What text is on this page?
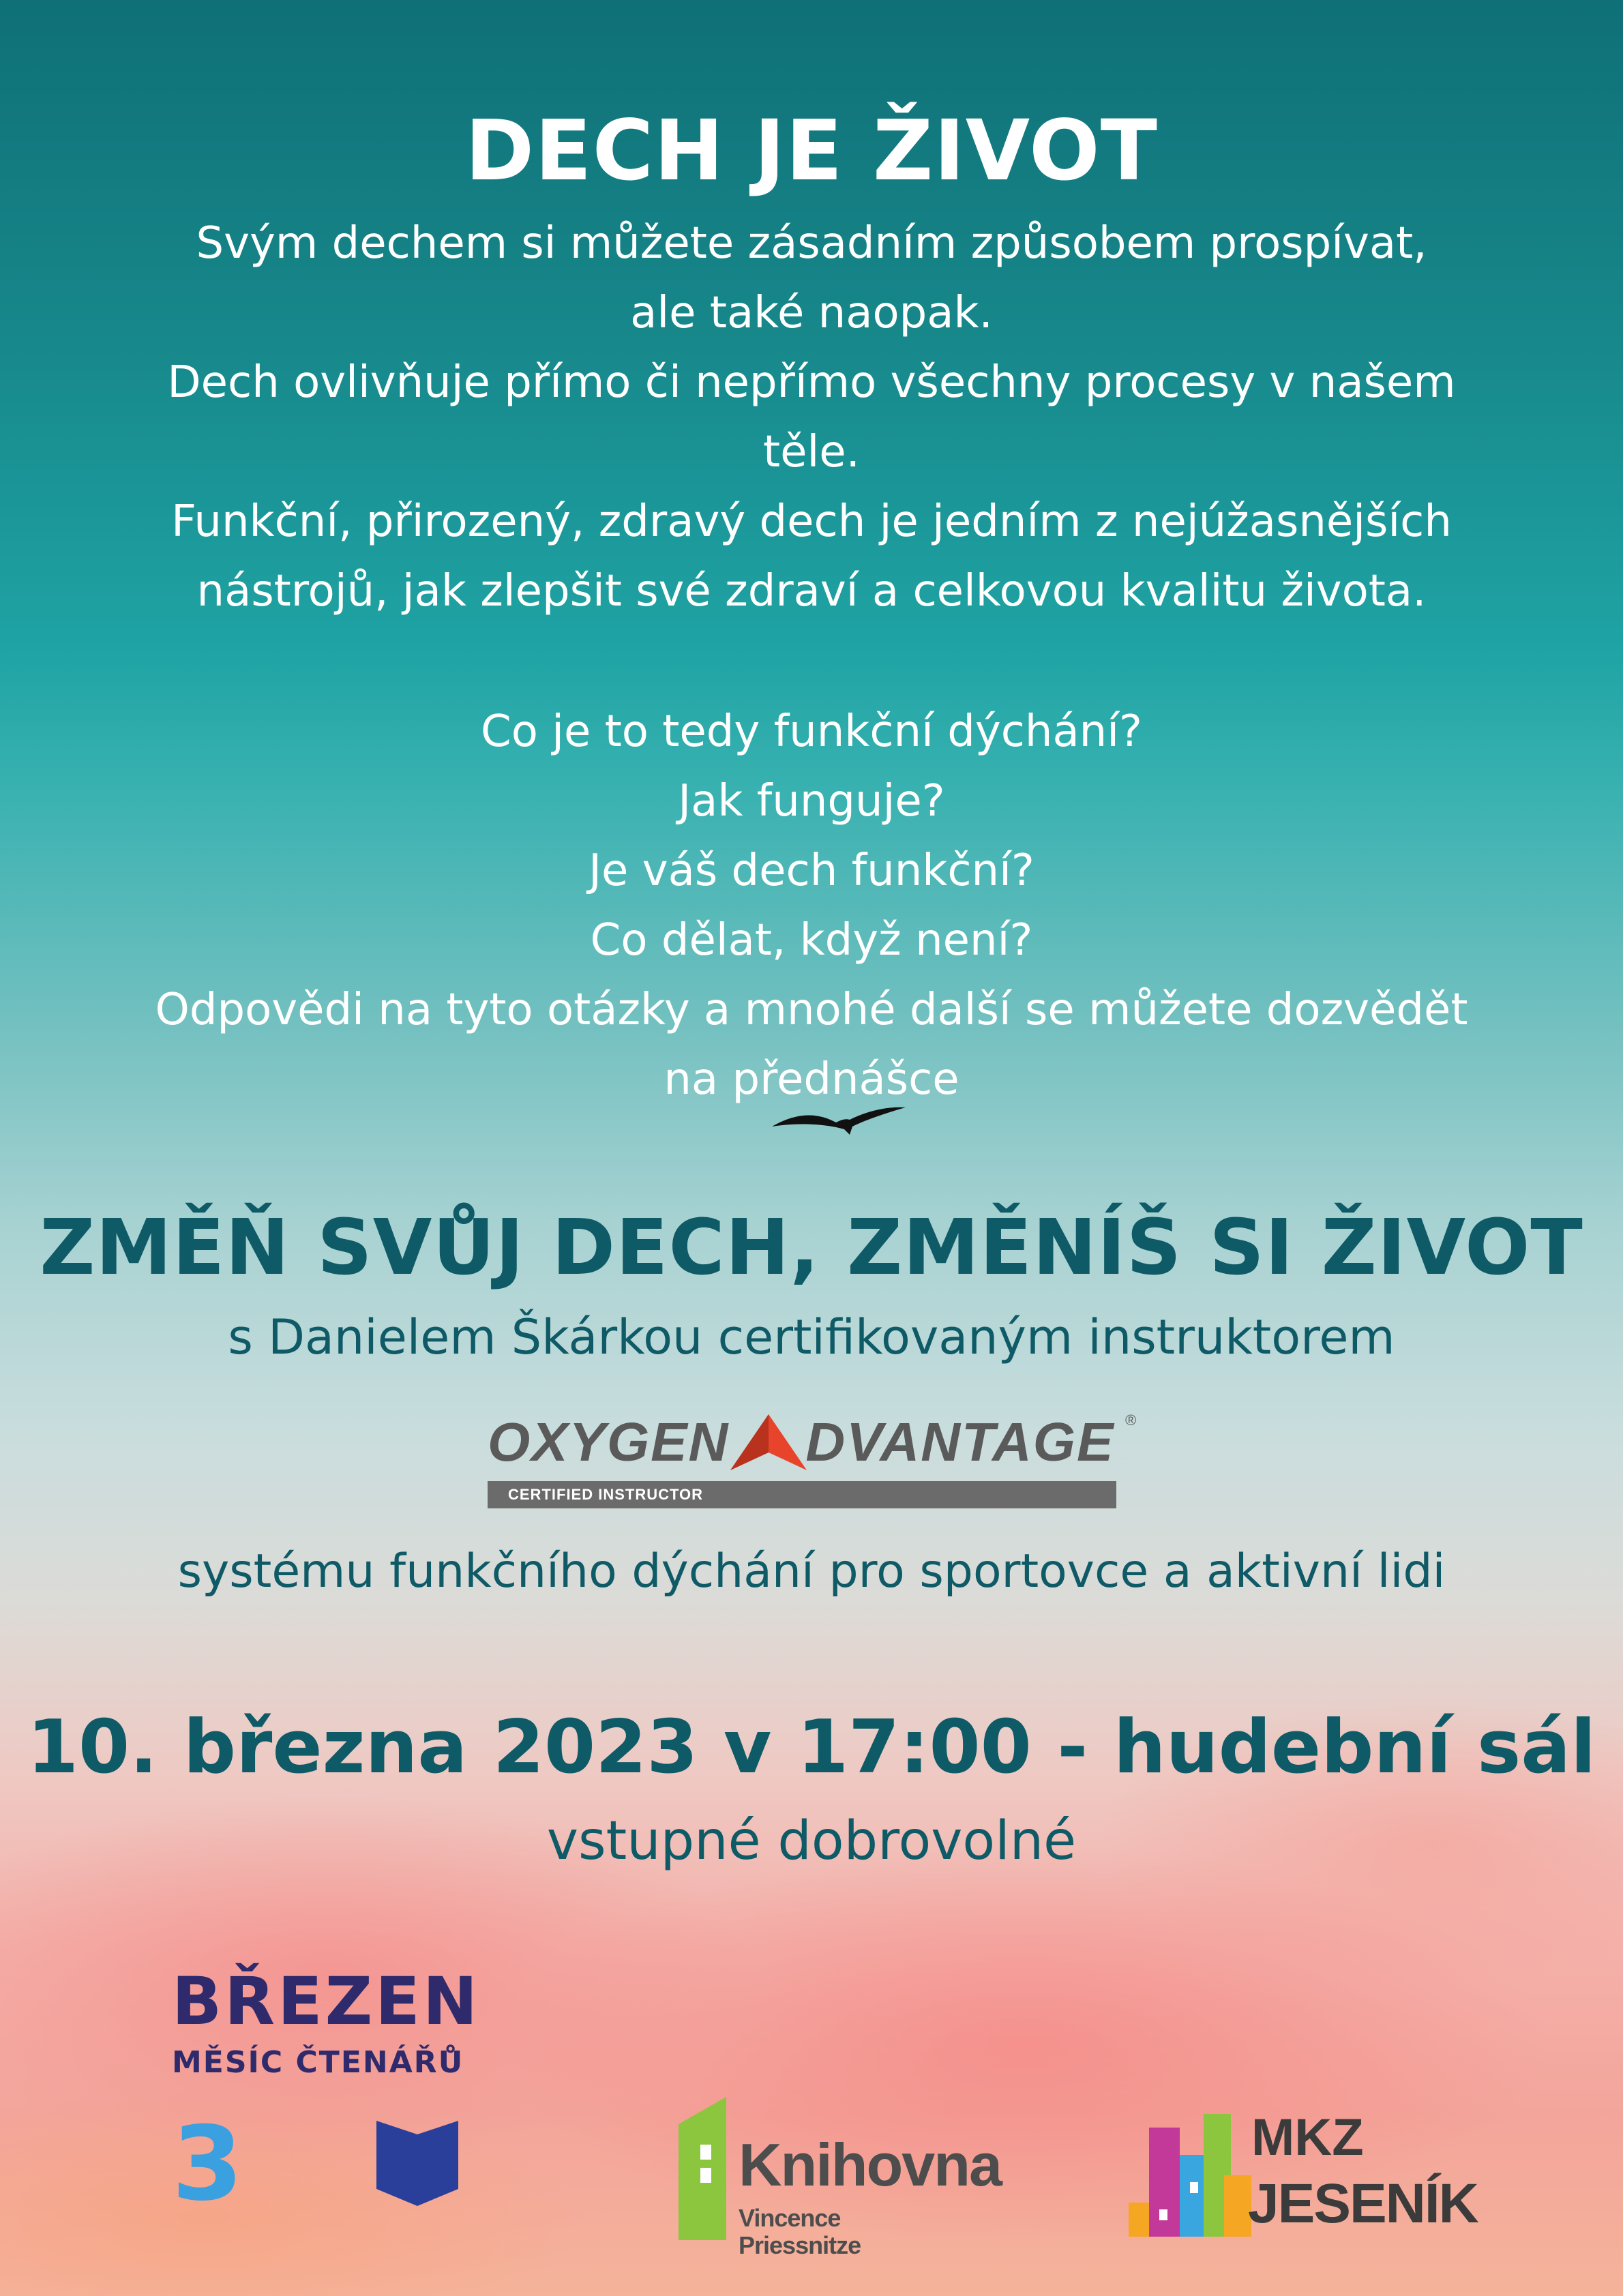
DECH JE ŽIVOT
Svým dechem si můžete zásadním způsobem prospívat,
ale také naopak.
Dech ovlivňuje přímo či nepřímo všechny procesy v našem
těle.
Funkční, přirozený, zdravý dech je jedním z nejúžasnějších
nástrojů, jak zlepšit své zdraví a celkovou kvalitu života.
Co je to tedy funkční dýchání?
Jak funguje?
Je váš dech funkční?
Co dělat, když není?
Odpovědi na tyto otázky a mnohé další se můžete dozvědět
na přednášce
ZMĚŇ SVŮJ DECH, ZMĚNÍŠ SI ŽIVOT
s Danielem Škárkou certifikovaným instruktorem
OXYGEN DVANTAGE ®
CERTIFIED INSTRUCTOR
systému funkčního dýchání pro sportovce a aktivní lidi
10. března 2023 v 17:00 - hudební sál
vstupné dobrovolné
BŘEZEN
MĚSÍC ČTENÁŘŮ
3	Knihovna
Vincence Priessnitze
MKZ
JESENÍK
